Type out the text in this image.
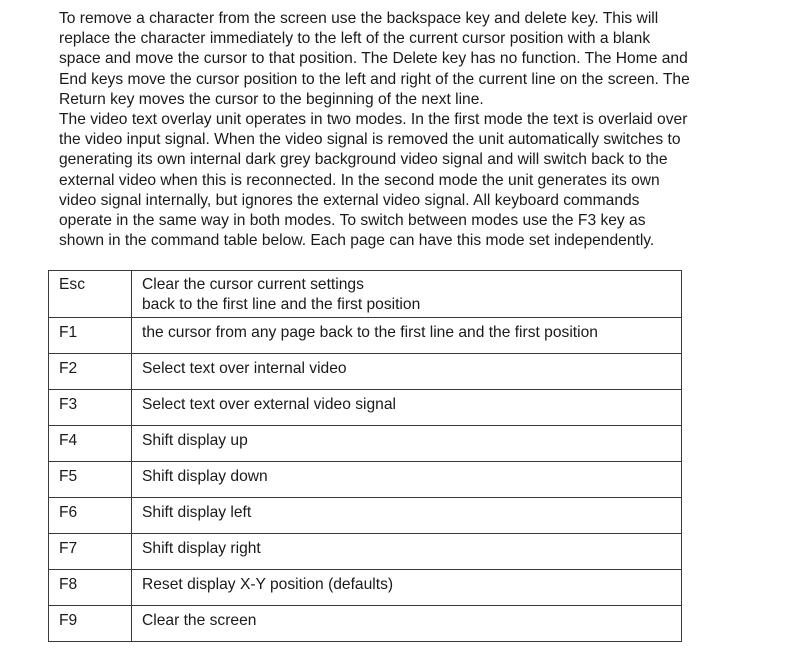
To remove a character from the screen use the backspace key and delete key. This will

replace the character immediately to the left of the current cursor position with a blank

space and move the cursor to that position. The Delete key has no function. The Home and

End keys move the cursor position to the left and right of the current line on the screen. The

Return key moves the cursor to the beginning of the next line.

The video text overlay unit operates in two modes. In the first mode the text is overlaid over

the video input signal. When the video signal is removed the unit automatically switches to

generating its own internal dark grey background video signal and will switch back to the

external video when this is reconnected. In the second mode the unit generates its own

video signal internally, but ignores the external video signal. All keyboard commands

operate in the same way in both modes. To switch between modes use the F3 key as

shown in the command table below. Each page can have this mode set independently.

Esc	Clear the cursor current settings
back to the first line and the first position

F1	the cursor from any page back to the first line and the first position
F2	Select text over internal video
F3	Select text over external video signal
F4	Shift display up
F5	Shift display down
F6	Shift display left
F7	Shift display right
F8	Reset display X-Y position (defaults)
F9	Clear the screen
